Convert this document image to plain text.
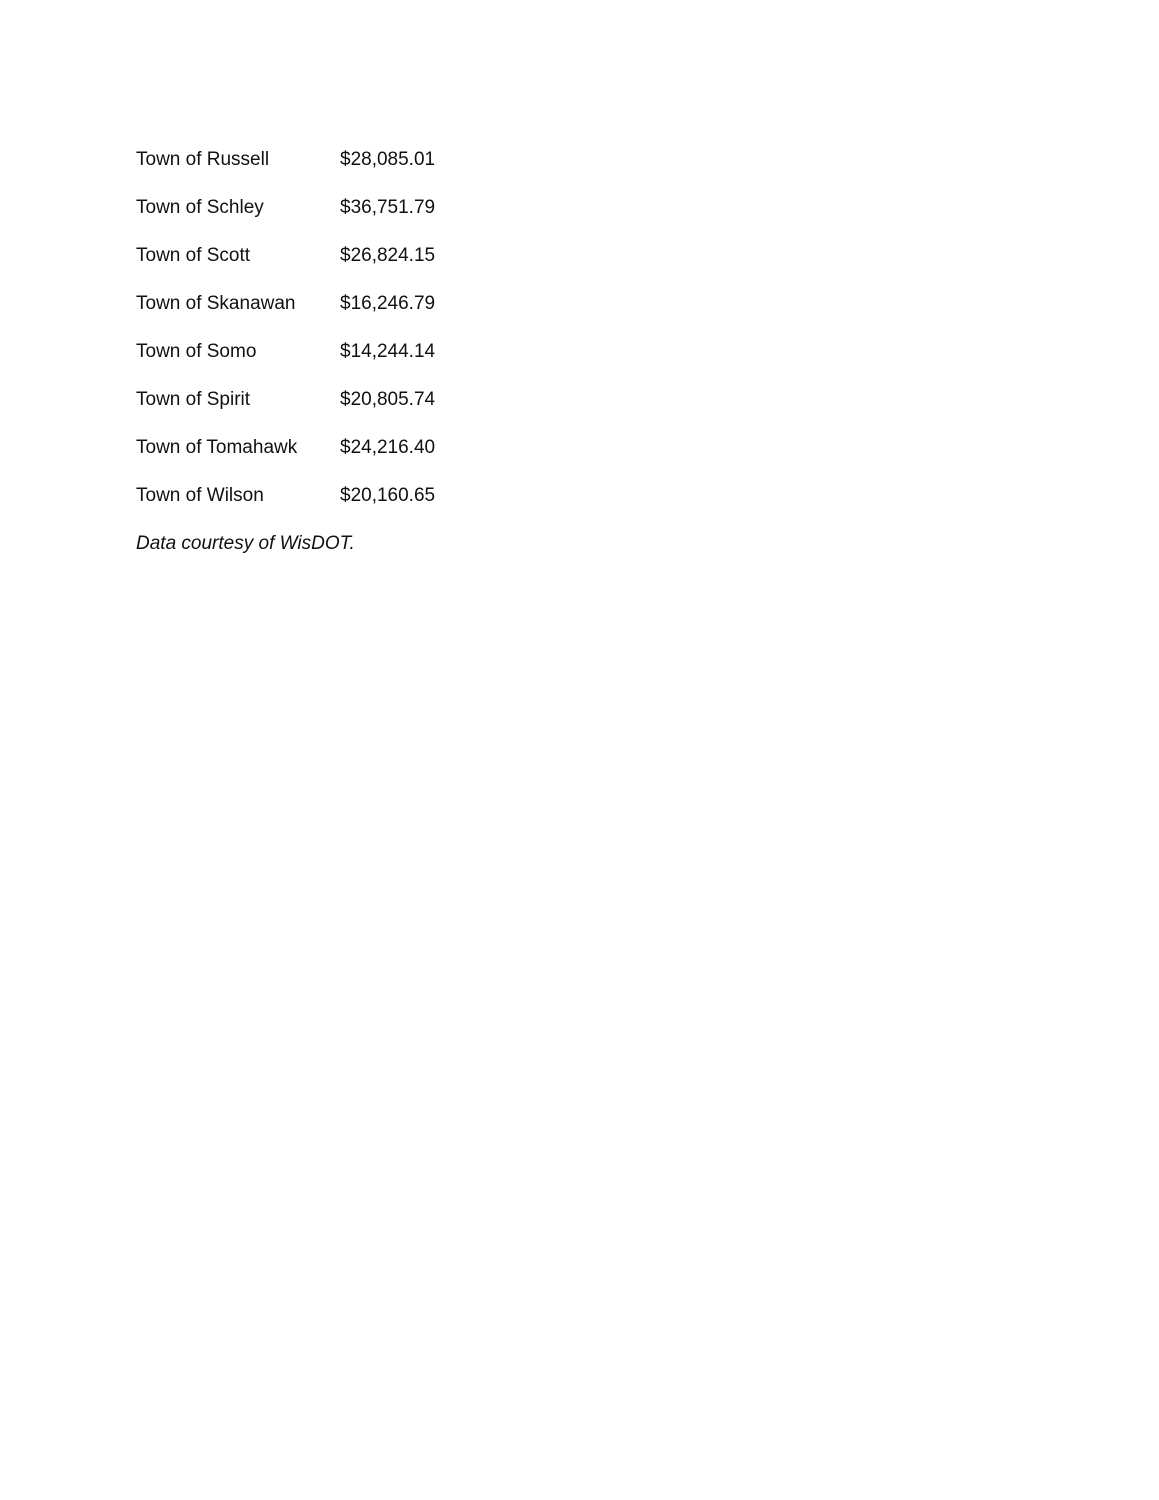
Town of Russell	$28,085.01
Town of Schley	$36,751.79
Town of Scott	$26,824.15
Town of Skanawan	$16,246.79
Town of Somo	$14,244.14
Town of Spirit	$20,805.74
Town of Tomahawk	$24,216.40
Town of Wilson	$20,160.65
Data courtesy of WisDOT.
